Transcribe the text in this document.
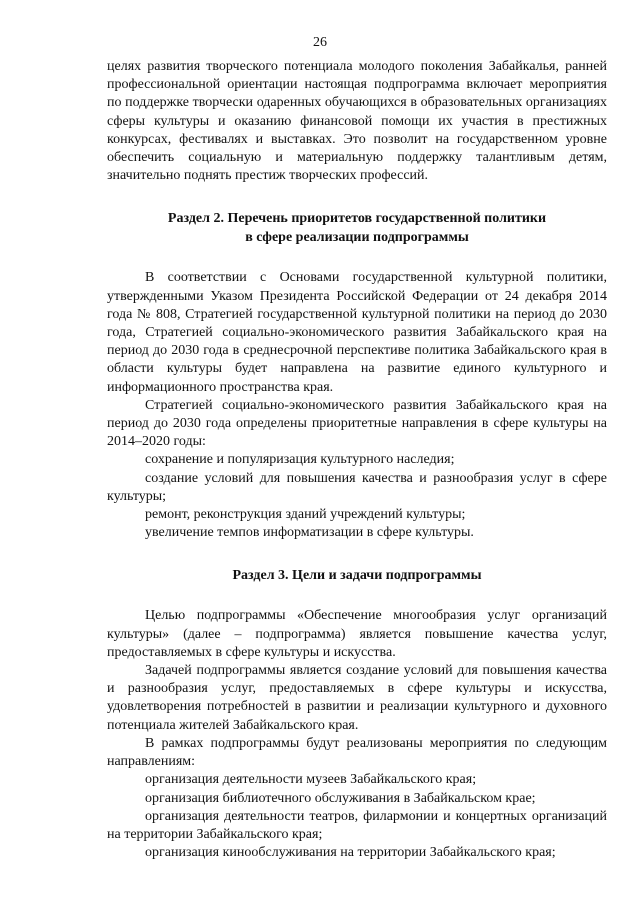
26

целях развития творческого потенциала молодого поколения Забайкалья, ранней профессиональной ориентации настоящая подпрограмма включает мероприятия по поддержке творчески одаренных обучающихся в образовательных организациях сферы культуры и оказанию финансовой помощи их участия в престижных конкурсах, фестивалях и выставках. Это позволит на государственном уровне обеспечить социальную и материальную поддержку талантливым детям, значительно поднять престиж творческих профессий.

Раздел 2. Перечень приоритетов государственной политики

в сфере реализации подпрограммы

В соответствии с Основами государственной культурной политики, утвержденными Указом Президента Российской Федерации от 24 декабря 2014 года № 808, Стратегией государственной культурной политики на период до 2030 года, Стратегией социально-экономического развития Забайкальского края на период до 2030 года в среднесрочной перспективе политика Забайкальского края в области культуры будет направлена на развитие единого культурного и информационного пространства края.

Стратегией социально-экономического развития Забайкальского края на период до 2030 года определены приоритетные направления в сфере культуры на 2014–2020 годы:

сохранение и популяризация культурного наследия;

создание условий для повышения качества и разнообразия услуг в сфере культуры;

ремонт, реконструкция зданий учреждений культуры;

увеличение темпов информатизации в сфере культуры.

Раздел 3. Цели и задачи подпрограммы

Целью подпрограммы «Обеспечение многообразия услуг организаций культуры» (далее – подпрограмма) является повышение качества услуг, предоставляемых в сфере культуры и искусства.

Задачей подпрограммы является создание условий для повышения качества и разнообразия услуг, предоставляемых в сфере культуры и искусства, удовлетворения потребностей в развитии и реализации культурного и духовного потенциала жителей Забайкальского края.

В рамках подпрограммы будут реализованы мероприятия по следующим направлениям:

организация деятельности музеев Забайкальского края;

организация библиотечного обслуживания в Забайкальском крае;

организация деятельности театров, филармонии и концертных организаций на территории Забайкальского края;

организация кинообслуживания на территории Забайкальского края;
